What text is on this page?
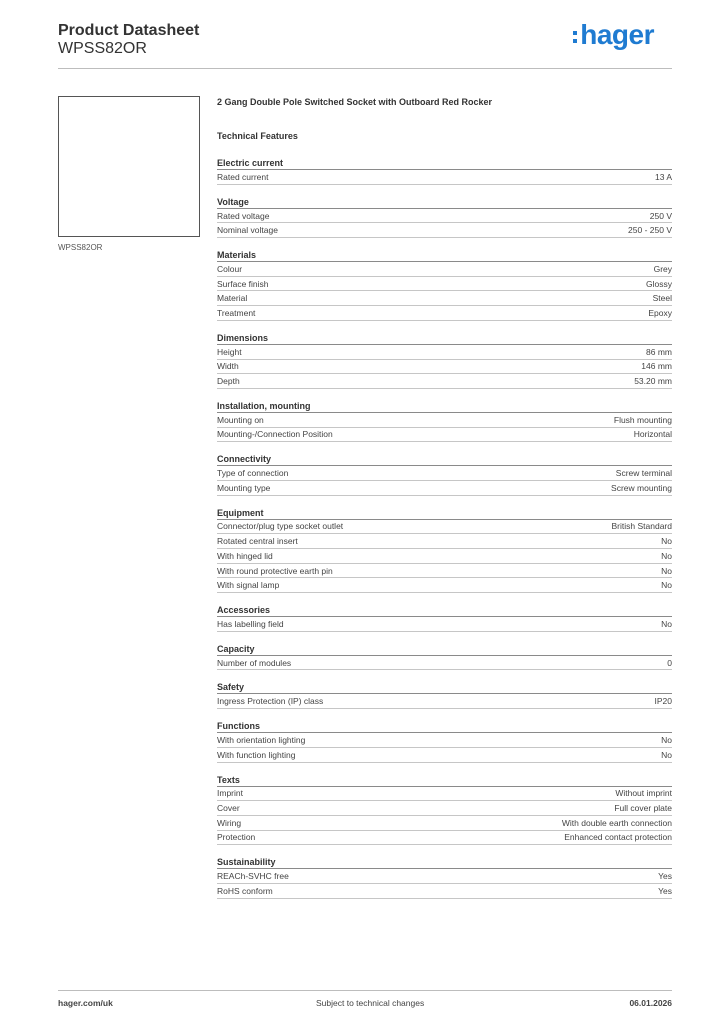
Product Datasheet
WPSS82OR	hager
WPSS82OR
2 Gang Double Pole Switched Socket with Outboard Red Rocker
Technical Features
Electric current
Rated current	13 A
Voltage
Rated voltage	250 V
Nominal voltage	250 - 250 V
Materials
Colour	Grey
Surface finish	Glossy
Material	Steel
Treatment	Epoxy
Dimensions
Height	86 mm
Width	146 mm
Depth	53.20 mm
Installation, mounting
Mounting on	Flush mounting
Mounting-/Connection Position	Horizontal
Connectivity
Type of connection	Screw terminal
Mounting type	Screw mounting
Equipment
Connector/plug type socket outlet	British Standard
Rotated central insert	No
With hinged lid	No
With round protective earth pin	No
With signal lamp	No
Accessories
Has labelling field	No
Capacity
Number of modules	0
Safety
Ingress Protection (IP) class	IP20
Functions
With orientation lighting	No
With function lighting	No
Texts
Imprint	Without imprint
Cover	Full cover plate
Wiring	With double earth connection
Protection	Enhanced contact protection
Sustainability
REACh-SVHC free	Yes
RoHS conform	Yes
hager.com/uk	Subject to technical changes	06.01.2026
